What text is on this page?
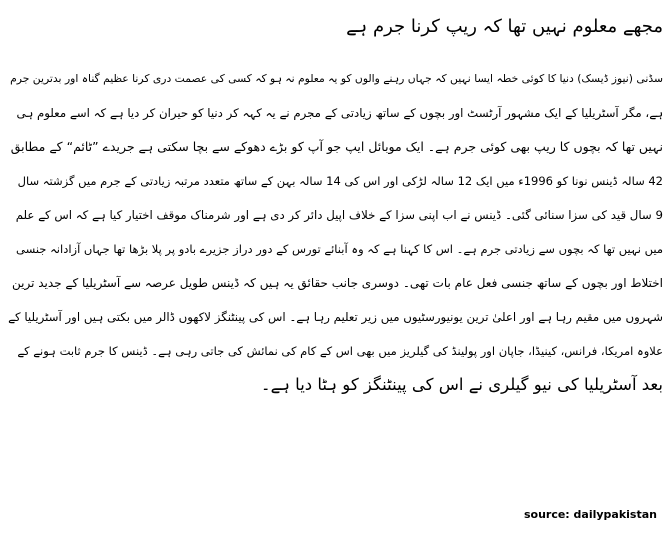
مجھے معلوم نہیں تھا کہ ریپ کرنا جرم ہے
سڈنی (نیوز ڈیسک) دنیا کا کوئی خطہ ایسا نہیں کہ جہاں رہنے والوں کو یہ معلوم نہ ہو کہ کسی کی عصمت دری کرنا عظیم گناہ اور بدترین جرم
ہے، مگر آسٹریلیا کے ایک مشہور آرٹسٹ اور بچوں کے ساتھ زیادتی کے مجرم نے یہ کہہ کر دنیا کو حیران کر دیا ہے کہ اسے معلوم ہی
نہیں تھا کہ بچوں کا ریپ بھی کوئی جرم ہے۔ ایک موبائل ایپ جو آپ کو بڑے دھوکے سے بچا سکتی ہے جریدے ”ٹائم“ کے مطابق
42 سالہ ڈینس نونا کو 1996ء میں ایک 12 سالہ لڑکی اور اس کی 14 سالہ بہن کے ساتھ متعدد مرتبہ زیادتی کے جرم میں گزشتہ سال
9 سال قید کی سزا سنائی گئی۔ ڈینس نے اب اپنی سزا کے خلاف اپیل دائر کر دی ہے اور شرمناک موقف اختیار کیا ہے کہ اس کے علم
میں نہیں تھا کہ بچوں سے زیادتی جرم ہے۔ اس کا کہنا ہے کہ وہ آبنائے تورس کے دور دراز جزیرے بادو پر پلا بڑھا تھا جہاں آزادانہ جنسی
اختلاط اور بچوں کے ساتھ جنسی فعل عام بات تھی۔ دوسری جانب حقائق یہ ہیں کہ ڈینس طویل عرصہ سے آسٹریلیا کے جدید ترین
شہروں میں مقیم رہا ہے اور اعلیٰ ترین یونیورسٹیوں میں زیر تعلیم رہا ہے۔ اس کی پینٹنگز لاکھوں ڈالر میں بکتی ہیں اور آسٹریلیا کے
علاوہ امریکا، فرانس، کینیڈا، جاپان اور پولینڈ کی گیلریز میں بھی اس کے کام کی نمائش کی جاتی رہی ہے۔ ڈینس کا جرم ثابت ہونے کے
بعد آسٹریلیا کی نیو گیلری نے اس کی پینٹنگز کو ہٹا دیا ہے۔
source: dailypakistan
